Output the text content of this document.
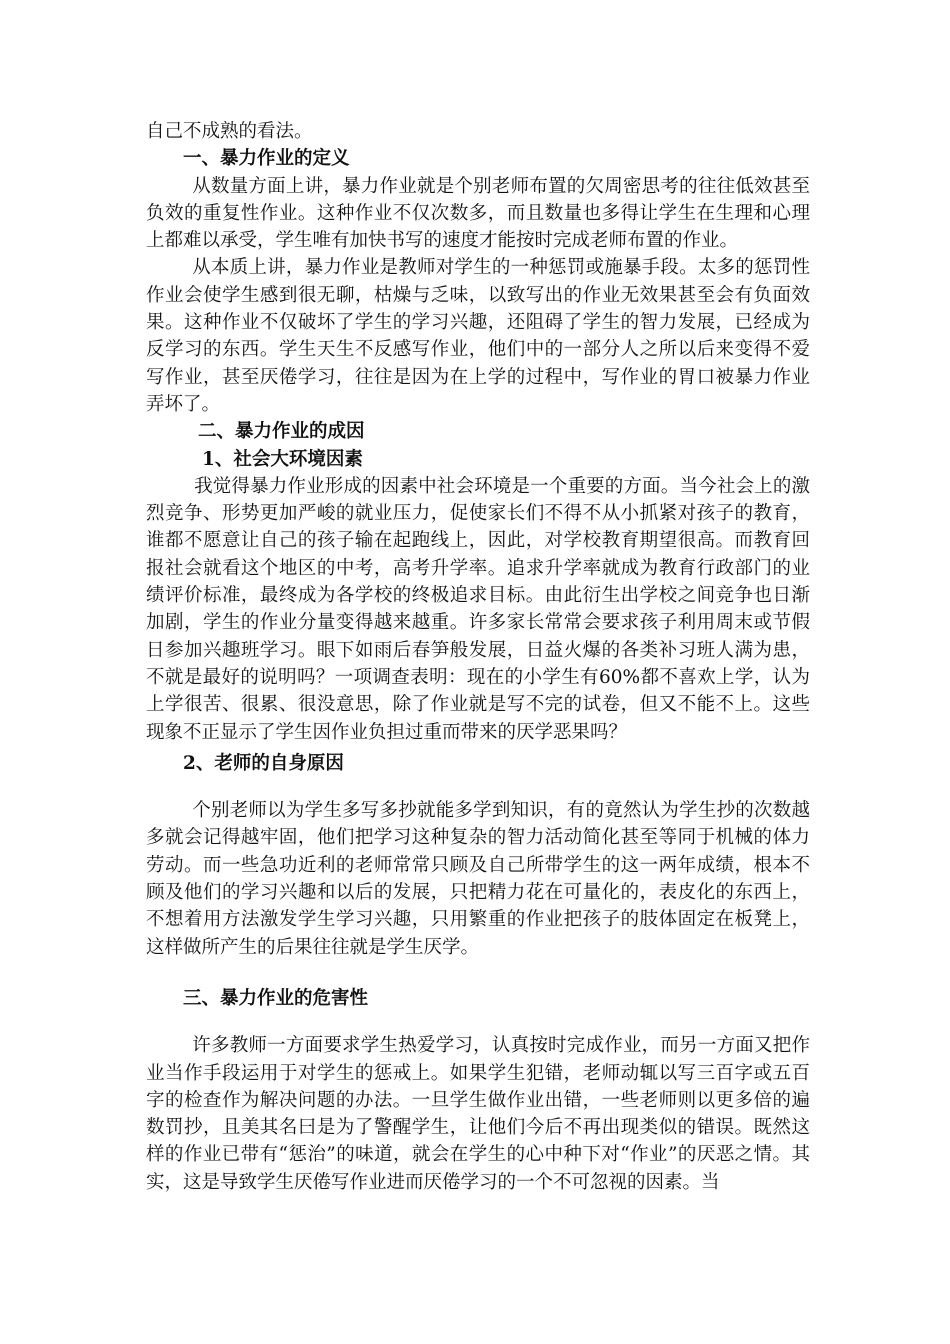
自己不成熟的看法。

一、暴力作业的定义

从数量方面上讲，暴力作业就是个别老师布置的欠周密思考的往往低效甚至负效的重复性作业。这种作业不仅次数多，而且数量也多得让学生在生理和心理上都难以承受，学生唯有加快书写的速度才能按时完成老师布置的作业。

从本质上讲，暴力作业是教师对学生的一种惩罚或施暴手段。太多的惩罚性作业会使学生感到很无聊，枯燥与乏味，以致写出的作业无效果甚至会有负面效果。这种作业不仅破坏了学生的学习兴趣，还阻碍了学生的智力发展，已经成为反学习的东西。学生天生不反感写作业，他们中的一部分人之所以后来变得不爱写作业，甚至厌倦学习，往往是因为在上学的过程中，写作业的胃口被暴力作业弄坏了。

二、暴力作业的成因
1、社会大环境因素

我觉得暴力作业形成的因素中社会环境是一个重要的方面。当今社会上的激烈竞争、形势更加严峻的就业压力，促使家长们不得不从小抓紧对孩子的教育，谁都不愿意让自己的孩子输在起跑线上，因此，对学校教育期望很高。而教育回报社会就看这个地区的中考，高考升学率。追求升学率就成为教育行政部门的业绩评价标准，最终成为各学校的终极追求目标。由此衍生出学校之间竞争也日渐加剧，学生的作业分量变得越来越重。许多家长常常会要求孩子利用周末或节假日参加兴趣班学习。眼下如雨后春笋般发展，日益火爆的各类补习班人满为患，不就是最好的说明吗？一项调查表明：现在的小学生有60%都不喜欢上学，认为上学很苦、很累、很没意思，除了作业就是写不完的试卷，但又不能不上。这些现象不正显示了学生因作业负担过重而带来的厌学恶果吗？

2、老师的自身原因

个别老师以为学生多写多抄就能多学到知识，有的竟然认为学生抄的次数越多就会记得越牢固，他们把学习这种复杂的智力活动简化甚至等同于机械的体力劳动。而一些急功近利的老师常常只顾及自己所带学生的这一两年成绩，根本不顾及他们的学习兴趣和以后的发展，只把精力花在可量化的，表皮化的东西上，不想着用方法激发学生学习兴趣，只用繁重的作业把孩子的肢体固定在板凳上，这样做所产生的后果往往就是学生厌学。

三、暴力作业的危害性

许多教师一方面要求学生热爱学习，认真按时完成作业，而另一方面又把作业当作手段运用于对学生的惩戒上。如果学生犯错，老师动辄以写三百字或五百字的检查作为解决问题的办法。一旦学生做作业出错，一些老师则以更多倍的遍数罚抄，且美其名曰是为了警醒学生，让他们今后不再出现类似的错误。既然这样的作业已带有“惩治”的味道，就会在学生的心中种下对“作业”的厌恶之情。其实，这是导致学生厌倦写作业进而厌倦学习的一个不可忽视的因素。当
